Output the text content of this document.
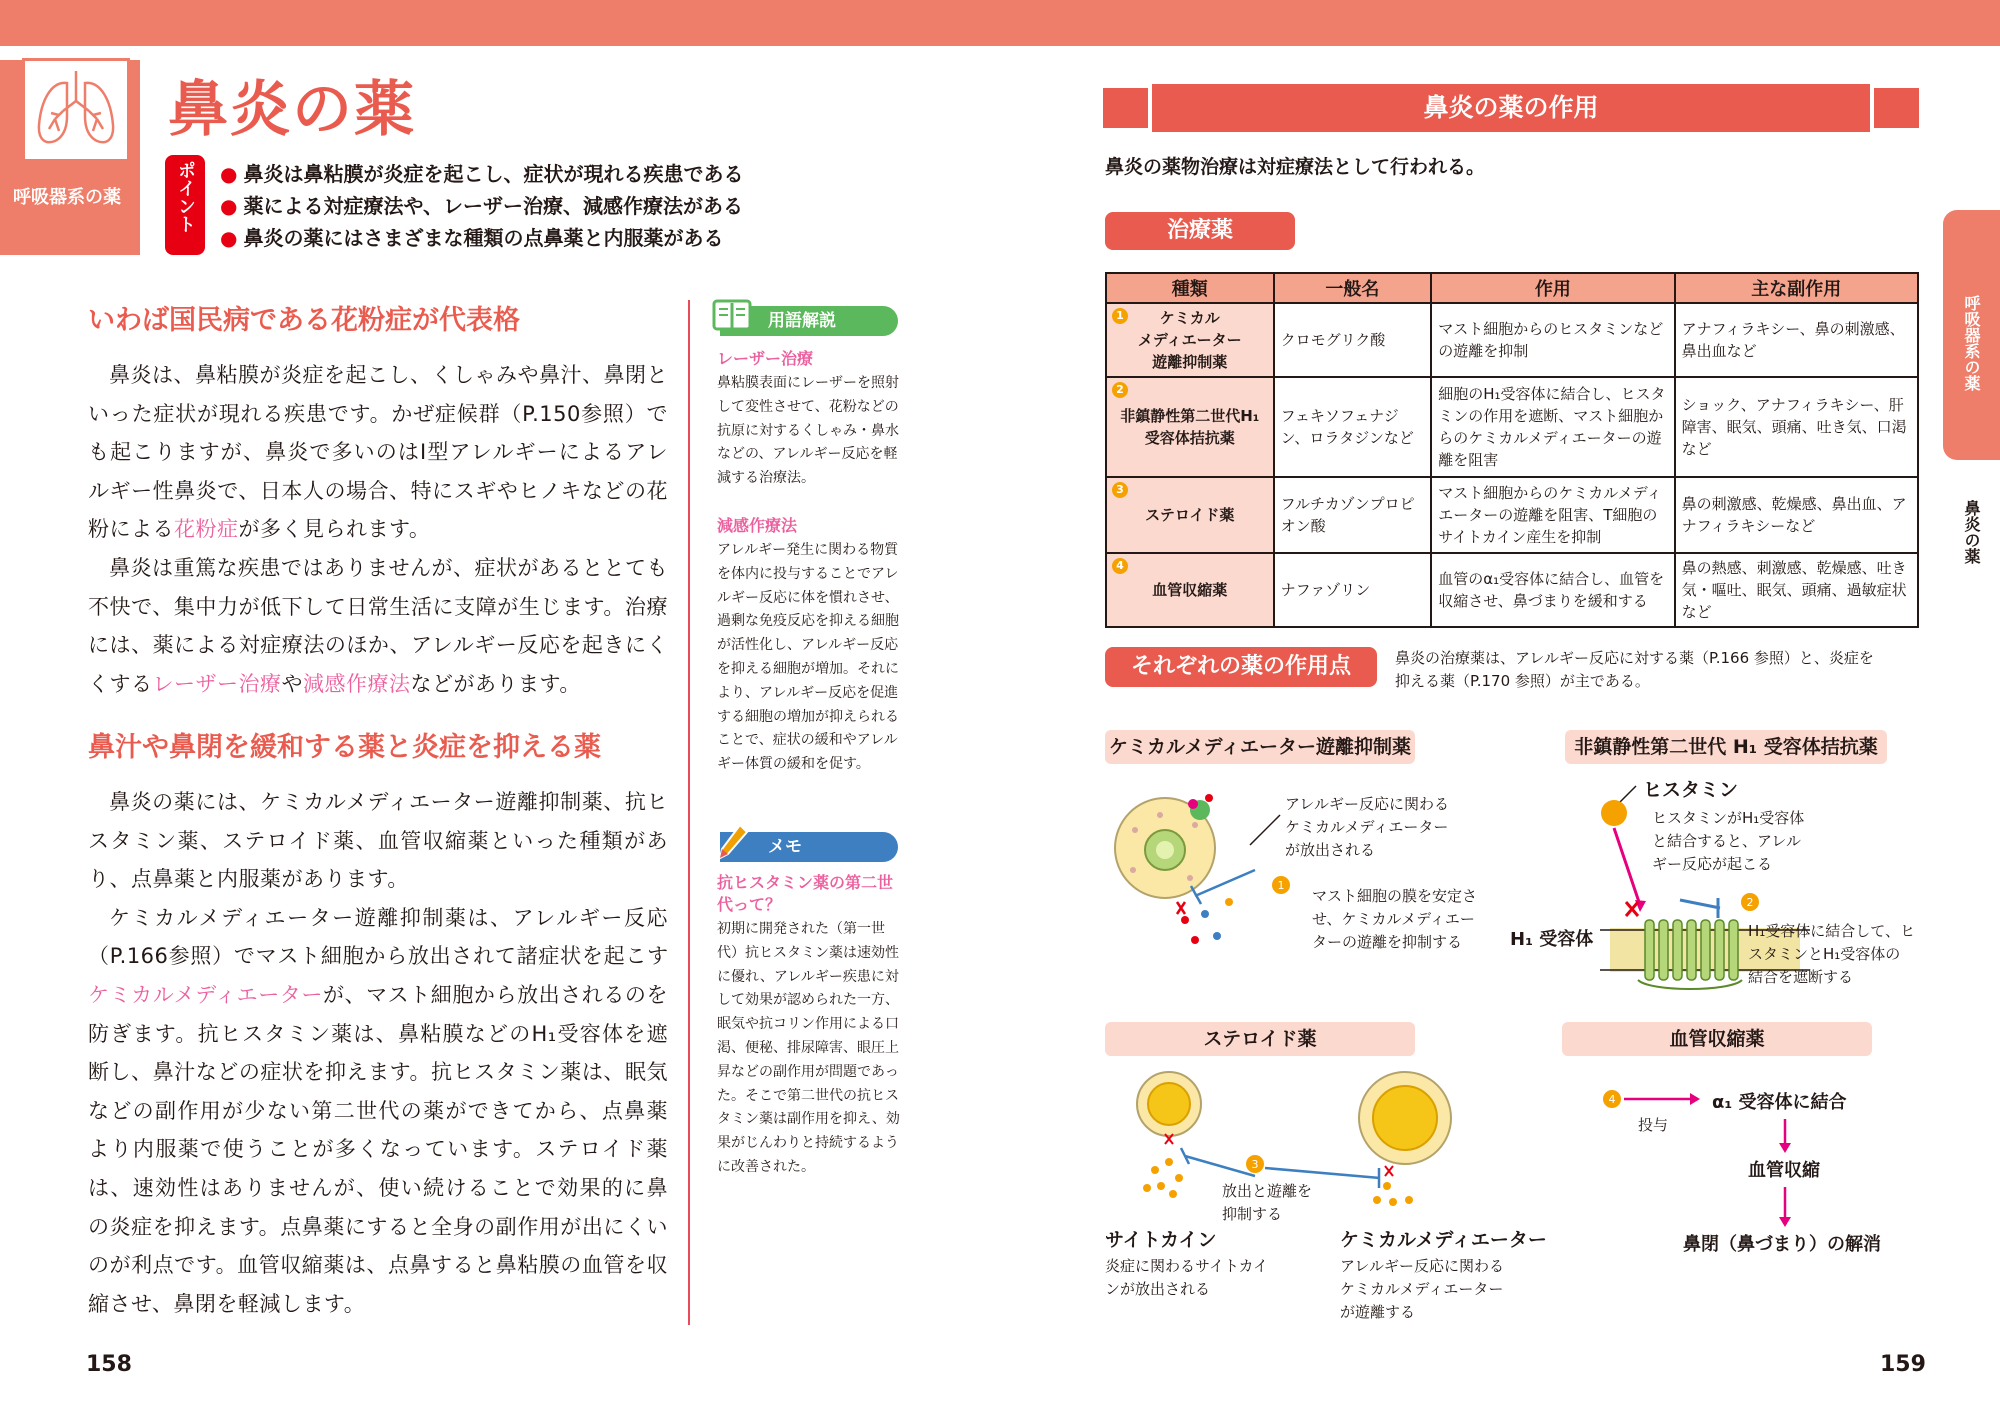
呼吸器系の薬
鼻炎の薬
ポイント	● 鼻炎は鼻粘膜が炎症を起こし、症状が現れる疾患である
● 薬による対症療法や、レーザー治療、減感作療法がある
● 鼻炎の薬にはさまざまな種類の点鼻薬と内服薬がある
いわば国民病である花粉症が代表格

鼻炎は、鼻粘膜が炎症を起こし、くしゃみや鼻汁、鼻閉といった症状が現れる疾患です。かぜ症候群（P.150参照）でも起こりますが、鼻炎で多いのはⅠ型アレルギーによるアレルギー性鼻炎で、日本人の場合、特にスギやヒノキなどの花粉による花粉症が多く見られます。

鼻炎は重篤な疾患ではありませんが、症状があるととても不快で、集中力が低下して日常生活に支障が生じます。治療には、薬による対症療法のほか、アレルギー反応を起きにくくするレーザー治療や減感作療法などがあります。

鼻汁や鼻閉を緩和する薬と炎症を抑える薬

鼻炎の薬には、ケミカルメディエーター遊離抑制薬、抗ヒスタミン薬、ステロイド薬、血管収縮薬といった種類があり、点鼻薬と内服薬があります。

ケミカルメディエーター遊離抑制薬は、アレルギー反応（P.166参照）でマスト細胞から放出されて諸症状を起こすケミカルメディエーターが、マスト細胞から放出されるのを防ぎます。抗ヒスタミン薬は、鼻粘膜などのH₁受容体を遮断し、鼻汁などの症状を抑えます。抗ヒスタミン薬は、眠気などの副作用が少ない第二世代の薬ができてから、点鼻薬より内服薬で使うことが多くなっています。ステロイド薬は、速効性はありませんが、使い続けることで効果的に鼻の炎症を抑えます。点鼻薬にすると全身の副作用が出にくいのが利点です。血管収縮薬は、点鼻すると鼻粘膜の血管を収縮させ、鼻閉を軽減します。

158
用語解説
レーザー治療
鼻粘膜表面にレーザーを照射して変性させて、花粉などの抗原に対するくしゃみ・鼻水などの、アレルギー反応を軽減する治療法。
減感作療法
アレルギー発生に関わる物質を体内に投与することでアレルギー反応に体を慣れさせ、過剰な免疫反応を抑える細胞が活性化し、アレルギー反応を抑える細胞が増加。それにより、アレルギー反応を促進する細胞の増加が抑えられることで、症状の緩和やアレルギー体質の緩和を促す。
メモ
抗ヒスタミン薬の第二世代って？
初期に開発された（第一世代）抗ヒスタミン薬は速効性に優れ、アレルギー疾患に対して効果が認められた一方、眠気や抗コリン作用による口渇、便秘、排尿障害、眼圧上昇などの副作用が問題であった。そこで第二世代の抗ヒスタミン薬は副作用を抑え、効果がじんわりと持続するように改善された。
鼻炎の薬の作用
鼻炎の薬物治療は対症療法として行われる。
治療薬
種類	一般名	作用	主な副作用

1 ケミカル
メディエーター
遊離抑制薬	クロモグリク酸	マスト細胞からのヒスタミンなどの遊離を抑制	アナフィラキシー、鼻の刺激感、鼻出血など

2
非鎮静性第二世代H₁
受容体拮抗薬	フェキソフェナジン、ロラタジンなど	細胞のH₁受容体に結合し、ヒスタミンの作用を遮断、マスト細胞からのケミカルメディエーターの遊離を阻害	ショック、アナフィラキシー、肝障害、眠気、頭痛、吐き気、口渇など

3
ステロイド薬	フルチカゾンプロピオン酸	マスト細胞からのケミカルメディエーターの遊離を阻害、T細胞のサイトカイン産生を抑制	鼻の刺激感、乾燥感、鼻出血、アナフィラキシーなど

4
血管収縮薬	ナファゾリン	血管のα₁受容体に結合し、血管を収縮させ、鼻づまりを緩和する	鼻の熱感、刺激感、乾燥感、吐き気・嘔吐、眠気、頭痛、過敏症状など
それぞれの薬の作用点	鼻炎の治療薬は、アレルギー反応に対する薬（P.166 参照）と、炎症を
抑える薬（P.170 参照）が主である。
ケミカルメディエーター遊離抑制薬
1
アレルギー反応に関わる
ケミカルメディエーター
が放出される
マスト細胞の膜を安定さ
せ、ケミカルメディエー
ターの遊離を抑制する
非鎮静性第二世代 H₁ 受容体拮抗薬
2
ヒスタミン
ヒスタミンがH₁受容体
と結合すると、アレル
ギー反応が起こる
H₁ 受容体	H₁受容体に結合して、ヒ
スタミンとH₁受容体の
結合を遮断する
ステロイド薬
3
放出と遊離を
抑制する
サイトカイン
炎症に関わるサイトカイ
ンが放出される
ケミカルメディエーター
アレルギー反応に関わる
ケミカルメディエーター
が遊離する
血管収縮薬
4	α₁ 受容体に結合
投与
血管収縮
鼻閉（鼻づまり）の解消
呼吸器系の薬
鼻炎の薬
159
